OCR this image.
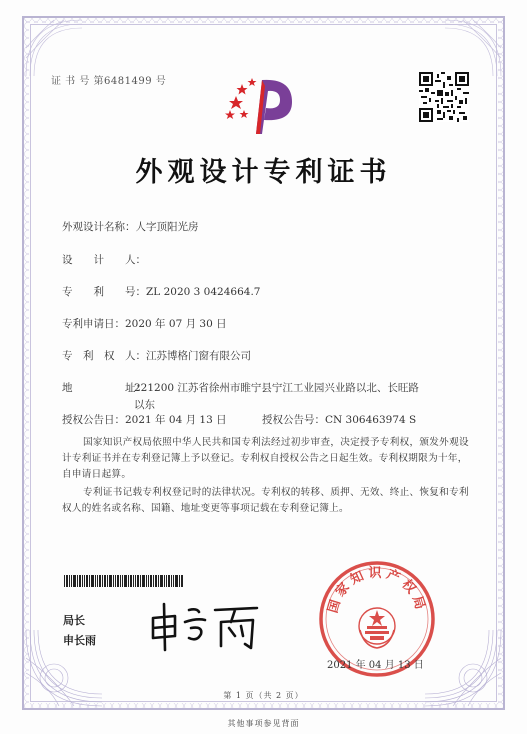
证 书 号 第6481499 号
外观设计专利证书
外观设计名称：人字顶阳光房
设　　计　　人：
专　　利　　号：ZL 2020 3 0424664.7
专利申请日：2020 年 07 月 30 日
专　利　权　人：江苏博格门窗有限公司
地　　　　　址：
221200 江苏省徐州市睢宁县宁江工业园兴业路以北、长旺路以东
授权公告日：2021 年 04 月 13 日	授权公告号：CN 306463974 S
国家知识产权局依照中华人民共和国专利法经过初步审查，决定授予专利权，颁发外观设计专利证书并在专利登记簿上予以登记。专利权自授权公告之日起生效。专利权期限为十年，自申请日起算。
专利证书记载专利权登记时的法律状况。专利权的转移、质押、无效、终止、恢复和专利权人的姓名或名称、国籍、地址变更等事项记载在专利登记簿上。
局长
申长雨
国家知识产权局
2021 年 04 月 13 日
第 1 页（共 2 页）
其他事项参见背面
